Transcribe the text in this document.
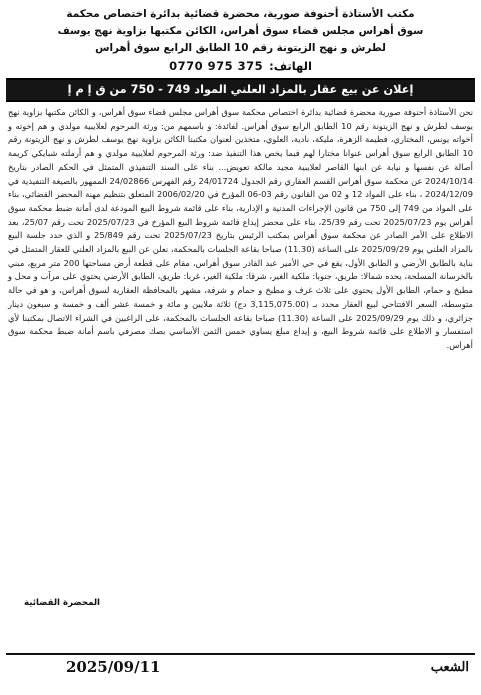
مكتب الأستاذة أحنوفة صورية، محضرة قضائية بدائرة اختصاص محكمة
سوق أهراس مجلس قضاء سوق أهراس، الكائن مكتبها بزاوية نهج يوسف
لطرش و نهج الزيتونة رقم 10 الطابق الرابع سوق أهراس
الهاتف:
0770 975 375
إعلان عن بيع عقار بالمزاد العلني المواد 749 - 750 من ق إ م إ
نحن الأستاذة أحنوفة صورية محضرة قضائية بدائرة اختصاص محكمة سوق أهراس مجلس قضاء سوق أهراس، و الكائن مكتبها بزاوية نهج يوسف لطرش و نهج الزيتونة رقم 10 الطابق الرابع سوق أهراس. لفائدة: و باسمهم من: ورثة المرحوم لعلايبية مولدي و هم إخوته و أخواته يونس، المختاري، فطيمة الزهرة، مليكة، نادية، العلوي، متخذين لعنوان مكتبنا الكائن بزاوية نهج يوسف لطرش و نهج الزيتونة رقم 10 الطابق الرابع سوق أهراس عنوانا مختارا لهم فيما يخص هذا التنفيذ ضد: ورثة المرحوم لعلايبية مولدي و هم أرملته شبايكي كريمة أصالة عن نفسها و نيابة عن ابنها القاصر لعلايبية مجيد مالكة تعويض... بناء على السند التنفيذي المتمثل في الحكم الصادر بتاريخ 2024/10/14 عن محكمة سوق أهراس القسم العقاري رقم الجدول 24/01724 رقم الفهرس 24/02866 الممهور بالصيغة التنفيذية في 2024/12/09 ، بناء على المواد 12 و 02 من القانون رقم 03-06 المؤرخ في 2006/02/20 المتعلق بتنظيم مهنة المحضر القضائي، بناء على المواد من 749 إلى 750 من قانون الإجراءات المدنية و الإدارية، بناء على قائمة شروط البيع المودعة لدى أمانة ضبط محكمة سوق أهراس يوم 2025/07/23 تحت رقم 25/39، بناء على محضر إيداع قائمة شروط البيع المؤرخ في 2025/07/23 تحت رقم 25/07، بعد الاطلاع على الأمر الصادر عن محكمة سوق أهراس بمكتب الرئيس بتاريخ 2025/07/23 تحت رقم 25/849 و الذي حدد جلسة البيع بالمزاد العلني يوم 2025/09/29 على الساعة (11.30) صباحا بقاعة الجلسات بالمحكمة، نعلن عن البيع بالمزاد العلني للعقار المتمثل في بناية بالطابق الأرضي و الطابق الأول، يقع في حي الأمير عبد القادر سوق أهراس، مقام على قطعة أرض مساحتها 200 متر مربع، مبني بالخرسانة المسلحة، يحده شمالا: طريق، جنوبا: ملكية الغير، شرقا: ملكية الغير، غربا: طريق، الطابق الأرضي يحتوي على مرآب و محل و مطبخ و حمام، الطابق الأول يحتوي على ثلاث غرف و مطبخ و حمام و شرفة، مشهر بالمحافظة العقارية لسوق أهراس، و هو في حالة متوسطة، السعر الافتتاحي لبيع العقار محدد بـ (3,115,075.00 دج) ثلاثة ملايين و مائة و خمسة عشر ألف و خمسة و سبعون دينار جزائري، و ذلك يوم 2025/09/29 على الساعة (11.30) صباحا بقاعة الجلسات بالمحكمة، على الراغبين في الشراء الاتصال بمكتبنا لأي استفسار و الاطلاع على قائمة شروط البيع، و إيداع مبلغ يساوي خمس الثمن الأساسي بصك مصرفي باسم أمانة ضبط محكمة سوق أهراس.
المحضرة القضائية
الشعب
2025/09/11
